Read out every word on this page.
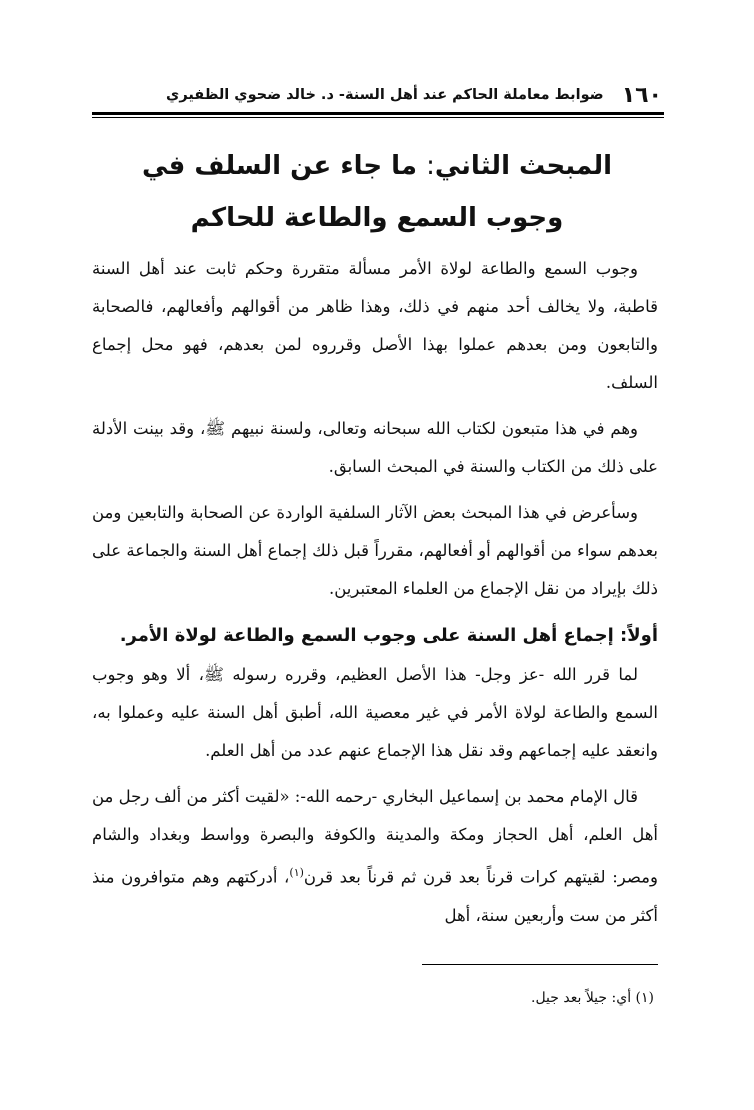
١٦٠
ضوابط معاملة الحاكم عند أهل السنة- د. خالد ضحوي الظفيري
المبحث الثاني: ما جاء عن السلف في وجوب السمع والطاعة للحاكم

وجوب السمع والطاعة لولاة الأمر مسألة متقررة وحكم ثابت عند أهل السنة قاطبة، ولا يخالف أحد منهم في ذلك، وهذا ظاهر من أقوالهم وأفعالهم، فالصحابة والتابعون ومن بعدهم عملوا بهذا الأصل وقرروه لمن بعدهم، فهو محل إجماع السلف.

وهم في هذا متبعون لكتاب الله سبحانه وتعالى، ولسنة نبيهم ﷺ، وقد بينت الأدلة على ذلك من الكتاب والسنة في المبحث السابق.

وسأعرض في هذا المبحث بعض الآثار السلفية الواردة عن الصحابة والتابعين ومن بعدهم سواء من أقوالهم أو أفعالهم، مقرراً قبل ذلك إجماع أهل السنة والجماعة على ذلك بإيراد من نقل الإجماع من العلماء المعتبرين.

أولاً: إجماع أهل السنة على وجوب السمع والطاعة لولاة الأمر.

لما قرر الله -عز وجل- هذا الأصل العظيم، وقرره رسوله ﷺ، ألا وهو وجوب السمع والطاعة لولاة الأمر في غير معصية الله، أطبق أهل السنة عليه وعملوا به، وانعقد عليه إجماعهم وقد نقل هذا الإجماع عنهم عدد من أهل العلم.

قال الإمام محمد بن إسماعيل البخاري -رحمه الله-: «لقيت أكثر من ألف رجل من أهل العلم، أهل الحجاز ومكة والمدينة والكوفة والبصرة وواسط وبغداد والشام ومصر: لقيتهم كرات قرناً بعد قرن ثم قرناً بعد قرن$^{(١)}$، أدركتهم وهم متوافرون منذ أكثر من ست وأربعين سنة، أهل

(١) أي: جيلاً بعد جيل.
